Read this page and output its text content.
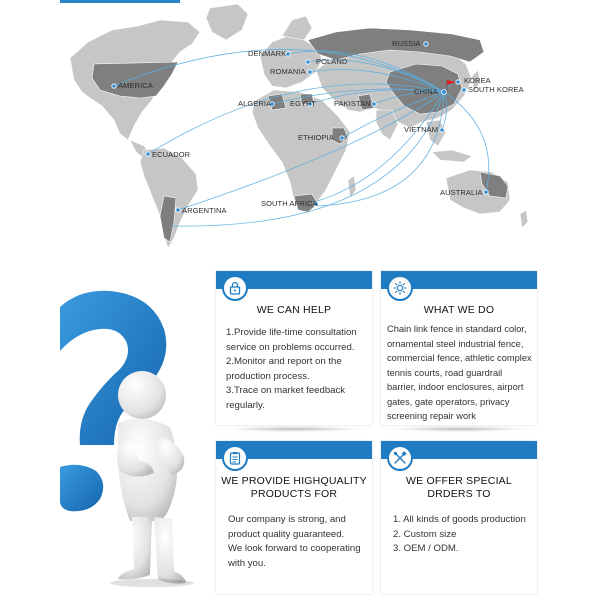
RUSSIA
DENMARK
POLAND
ROMANIA
AMERICA
ALGERIA	EGYPT PAKISTAN
CHINA
KOREA
SOUTH KOREA
ETHIOPIA
VIETNAM
ECUADOR
ARGENTINA
SOUTH AFRICA
AUSTRALIA
WE CAN HELP
1.Provide life-time consultation
service on problems occurred.
2.Monitor and report on the
production process.
3.Trace on market feedback
regularly.
WHAT WE DO
Chain link fence in standard color,
ornamental steel industrial fence,
commercial fence, athletic complex
tennis courts, road guardrail
barrier, indoor enclosures, airport
gates, gate operators, privacy
screening repair work
WE PROVIDE HIGHQUALITY
PRODUCTS FOR
Our company is strong, and
product quality guaranteed.
We look forward to cooperating
with you.
WE OFFER SPECIAL
DRDERS TO
1. All kinds of goods production
2. Custom size
3. OEM / ODM.
